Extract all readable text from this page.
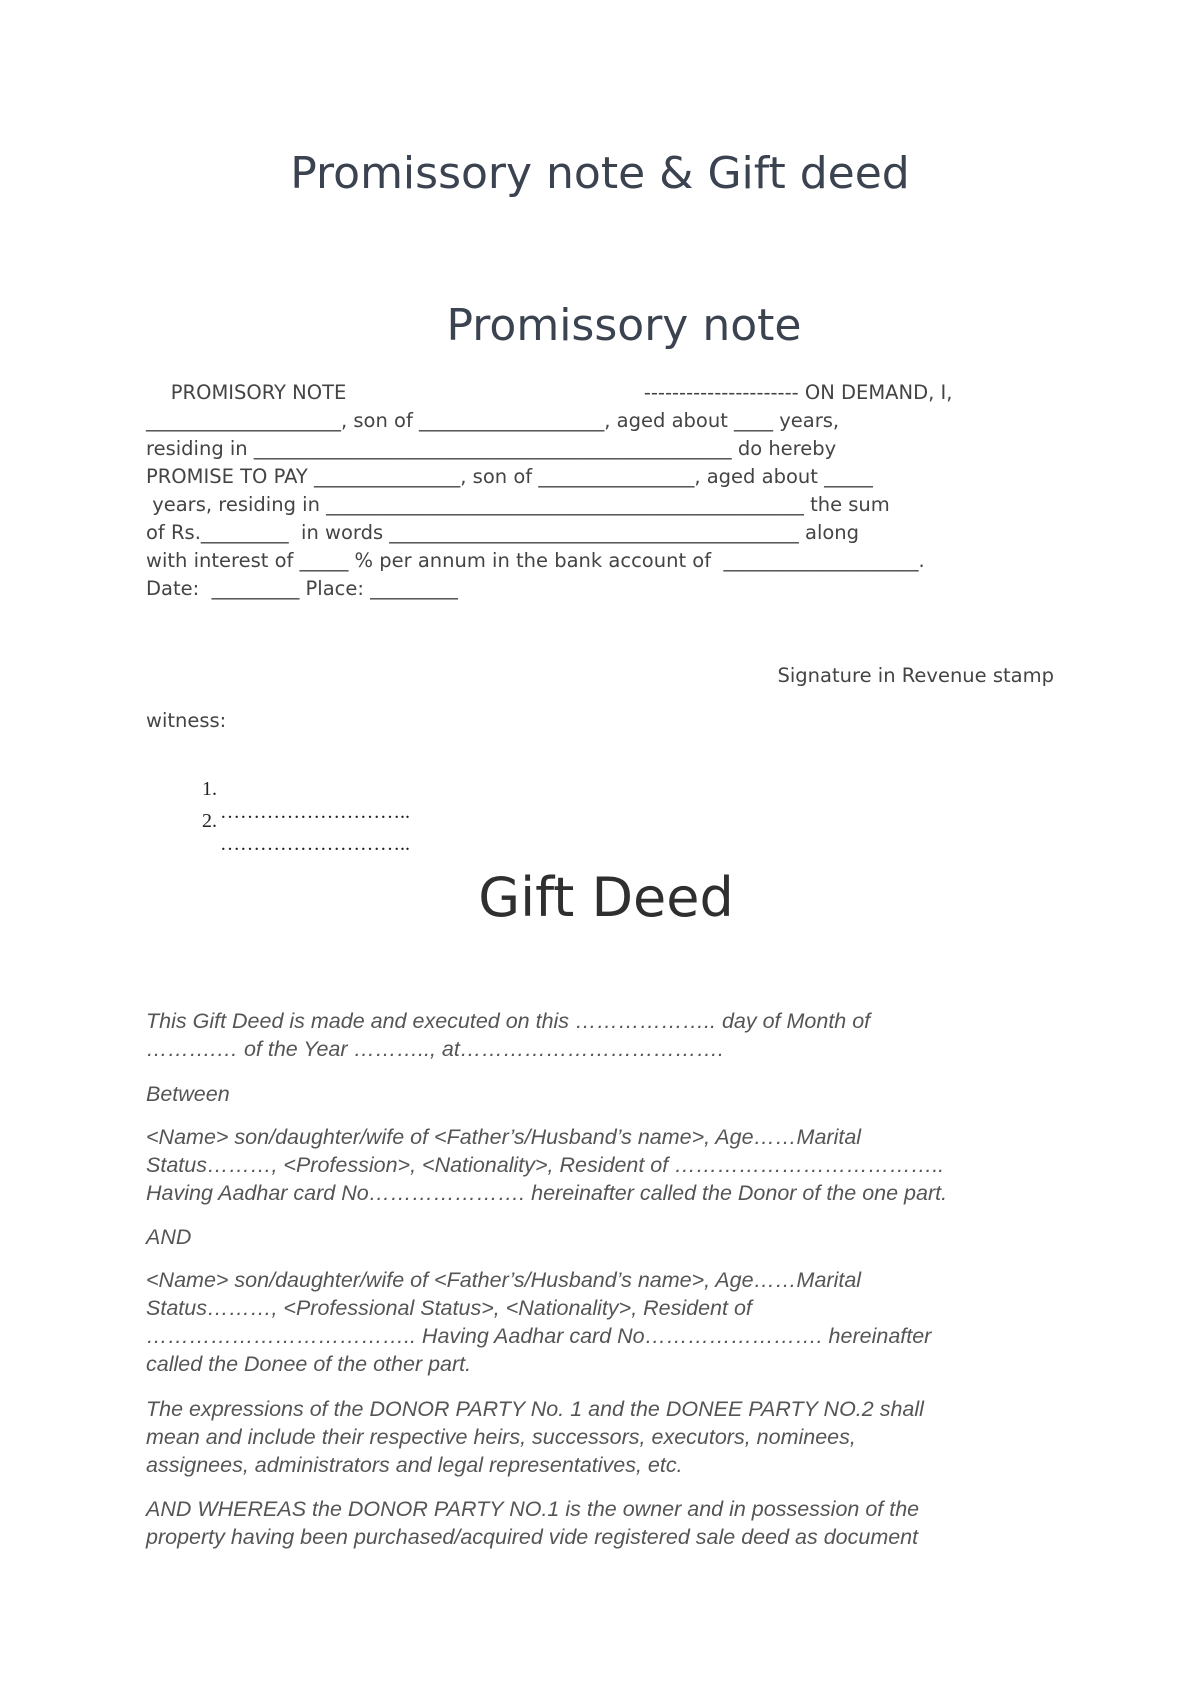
Promissory note & Gift deed
Promissory note
PROMISORY NOTE                                                ---------------------- ON DEMAND, I,
____________________, son of ___________________, aged about ____ years,
residing in _________________________________________________ do hereby
PROMISE TO PAY _______________, son of ________________, aged about _____
years, residing in _________________________________________________ the sum
of Rs._________  in words __________________________________________ along
with interest of _____ % per annum in the bank account of  ____________________.
Date:  _________ Place: _________
Signature in Revenue stamp
witness:

1.

………………………..

2.

………………………..

Gift Deed
This Gift Deed is made and executed on this ……………….. day of Month of
……….… of the Year ……….., at……………………………….
Between
<Name> son/daughter/wife of <Father’s/Husband’s name>, Age……Marital
Status………, <Profession>, <Nationality>, Resident of ………………………………..
Having Aadhar card No…………………. hereinafter called the Donor of the one part.
AND
<Name> son/daughter/wife of <Father’s/Husband’s name>, Age……Marital
Status………, <Professional Status>, <Nationality>, Resident of
……………………………….. Having Aadhar card No……………………. hereinafter
called the Donee of the other part.
The expressions of the DONOR PARTY No. 1 and the DONEE PARTY NO.2 shall
mean and include their respective heirs, successors, executors, nominees,
assignees, administrators and legal representatives, etc.
AND WHEREAS the DONOR PARTY NO.1 is the owner and in possession of the
property having been purchased/acquired vide registered sale deed as document
